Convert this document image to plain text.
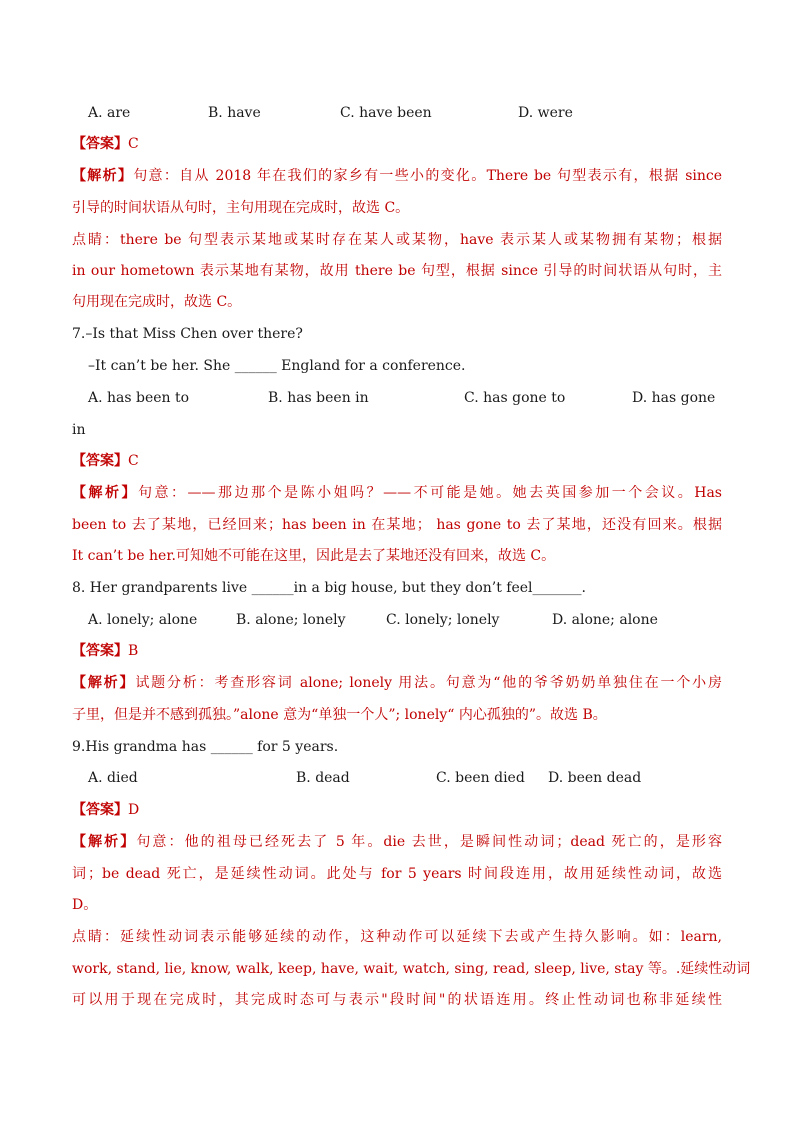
A. are	B. have	C. have been	D. were
【答案】C
【解析】句意：自从 2018 年在我们的家乡有一些小的变化。There be 句型表示有，根据 since
引导的时间状语从句时，主句用现在完成时，故选 C。
点睛：there be 句型表示某地或某时存在某人或某物，have 表示某人或某物拥有某物；根据
in our hometown 表示某地有某物，故用 there be 句型，根据 since 引导的时间状语从句时，主
句用现在完成时，故选 C。
7.–Is that Miss Chen over there?
–It can’t be her. She ______ England for a conference.
A. has been to	B. has been in	C. has gone to	D. has gone
in
【答案】C
【解析】句意：——那边那个是陈小姐吗？——不可能是她。她去英国参加一个会议。Has
been to 去了某地，已经回来；has been in 在某地； has gone to 去了某地，还没有回来。根据
It can’t be her.可知她不可能在这里，因此是去了某地还没有回来，故选 C。
8. Her grandparents live ______in a big house, but they don’t feel_______.
A. lonely; alone	B. alone; lonely	C. lonely; lonely	D. alone; alone
【答案】B
【解析】试题分析：考查形容词 alone; lonely 用法。句意为“他的爷爷奶奶单独住在一个小房
子里，但是并不感到孤独。”alone 意为“单独一个人”; lonely“ 内心孤独的”。故选 B。
9.His grandma has ______ for 5 years.
A. died	B. dead	C. been died D. been dead
【答案】D
【解析】句意：他的祖母已经死去了 5 年。die 去世，是瞬间性动词；dead 死亡的，是形容
词；be dead 死亡，是延续性动词。此处与 for 5 years 时间段连用，故用延续性动词，故选
D。
点睛：延续性动词表示能够延续的动作，这种动作可以延续下去或产生持久影响。如：learn,
work, stand, lie, know, walk, keep, have, wait, watch, sing, read, sleep, live, stay 等。.延续性动词
可以用于现在完成时，其完成时态可与表示"段时间"的状语连用。终止性动词也称非延续性
